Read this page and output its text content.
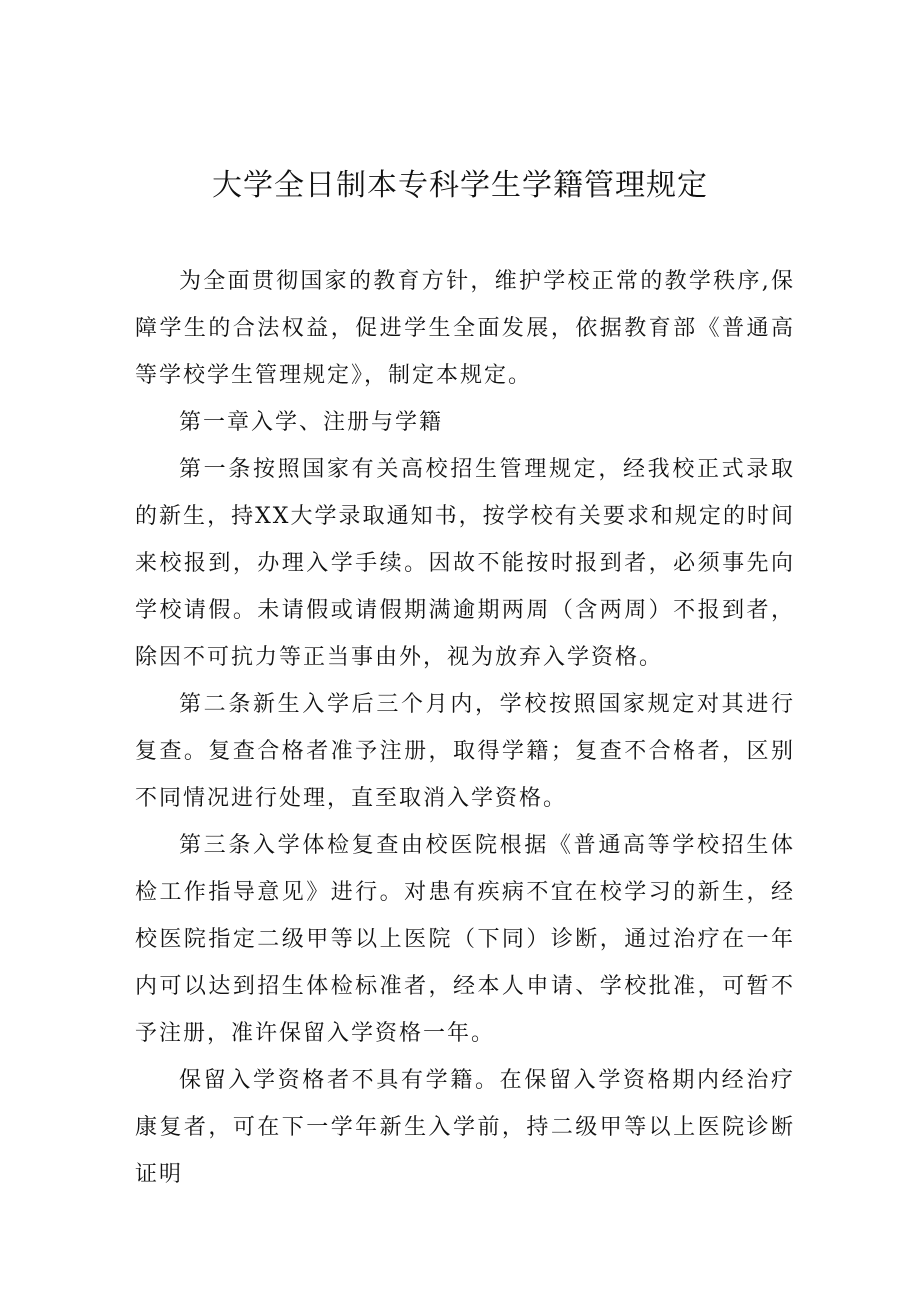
大学全日制本专科学生学籍管理规定

为全面贯彻国家的教育方针，维护学校正常的教学秩序,保障学生的合法权益，促进学生全面发展，依据教育部《普通高等学校学生管理规定》，制定本规定。

第一章入学、注册与学籍

第一条按照国家有关高校招生管理规定，经我校正式录取的新生，持XX大学录取通知书，按学校有关要求和规定的时间来校报到，办理入学手续。因故不能按时报到者，必须事先向学校请假。未请假或请假期满逾期两周（含两周）不报到者，除因不可抗力等正当事由外，视为放弃入学资格。

第二条新生入学后三个月内，学校按照国家规定对其进行复查。复查合格者准予注册，取得学籍；复查不合格者，区别不同情况进行处理，直至取消入学资格。

第三条入学体检复查由校医院根据《普通高等学校招生体检工作指导意见》进行。对患有疾病不宜在校学习的新生，经校医院指定二级甲等以上医院（下同）诊断，通过治疗在一年内可以达到招生体检标准者，经本人申请、学校批准，可暂不予注册，准许保留入学资格一年。

保留入学资格者不具有学籍。在保留入学资格期内经治疗康复者，可在下一学年新生入学前，持二级甲等以上医院诊断证明
